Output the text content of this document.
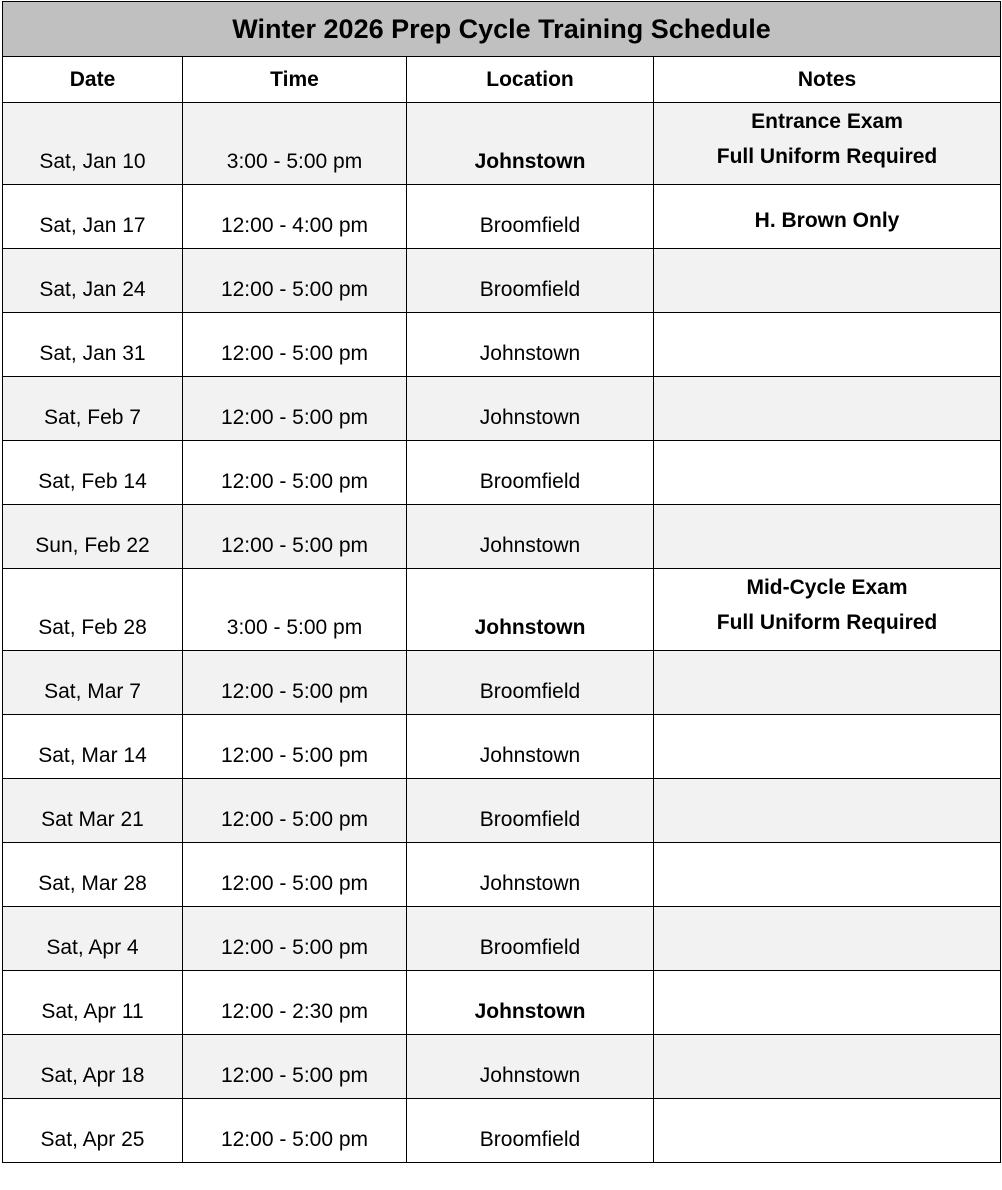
Winter 2026 Prep Cycle Training Schedule			
Date	Time	Location	Notes
Sat, Jan 10	3:00 - 5:00 pm	Johnstown	Entrance Exam
Full Uniform Required

Sat, Jan 17	12:00 - 4:00 pm	Broomfield	H. Brown Only

Sat, Jan 24	12:00 - 5:00 pm	Broomfield	
Sat, Jan 31	12:00 - 5:00 pm	Johnstown	
Sat, Feb 7	12:00 - 5:00 pm	Johnstown	
Sat, Feb 14	12:00 - 5:00 pm	Broomfield	
Sun, Feb 22	12:00 - 5:00 pm	Johnstown	
Sat, Feb 28	3:00 - 5:00 pm	Johnstown	Mid-Cycle Exam
Full Uniform Required

Sat, Mar 7	12:00 - 5:00 pm	Broomfield	
Sat, Mar 14	12:00 - 5:00 pm	Johnstown	
Sat Mar 21	12:00 - 5:00 pm	Broomfield	
Sat, Mar 28	12:00 - 5:00 pm	Johnstown	
Sat, Apr 4	12:00 - 5:00 pm	Broomfield	
Sat, Apr 11	12:00 - 2:30 pm	Johnstown	
Sat, Apr 18	12:00 - 5:00 pm	Johnstown	
Sat, Apr 25	12:00 - 5:00 pm	Broomfield	
